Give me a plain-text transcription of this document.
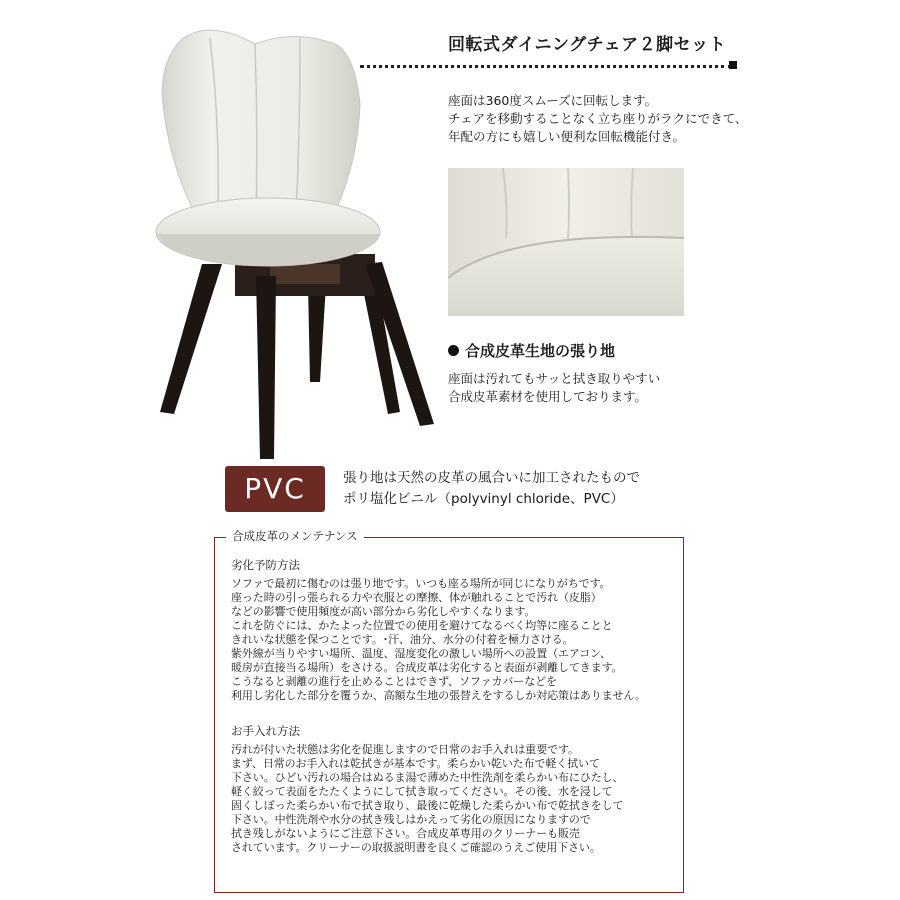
回転式ダイニングチェア２脚セット
座面は360度スムーズに回転します。
チェアを移動することなく立ち座りがラクにできて、
年配の方にも嬉しい便利な回転機能付き。
合成皮革生地の張り地
座面は汚れてもサッと拭き取りやすい
合成皮革素材を使用しております。
PVC	張り地は天然の皮革の風合いに加工されたもので
ポリ塩化ビニル（polyvinyl chloride、PVC）
合成皮革のメンテナンス
劣化予防方法
ソファで最初に傷むのは張り地です。いつも座る場所が同じになりがちです。
座った時の引っ張られる力や衣服との摩擦、体が触れることで汚れ（皮脂）
などの影響で使用頻度が高い部分から劣化しやすくなります。
これを防ぐには、かたよった位置での使用を避けてなるべく均等に座ることと
きれいな状態を保つことです。･汗、油分、水分の付着を極力さける。
紫外線が当りやすい場所、温度、湿度変化の激しい場所への設置（エアコン、
暖房が直接当る場所）をさける。合成皮革は劣化すると表面が剥離してきます。
こうなると剥離の進行を止めることはできず、ソファカバーなどを
利用し劣化した部分を覆うか、高額な生地の張替えをするしか対応策はありません。
お手入れ方法
汚れが付いた状態は劣化を促進しますので日常のお手入れは重要です。
まず、日常のお手入れは乾拭きが基本です。柔らかい乾いた布で軽く拭いて
下さい。ひどい汚れの場合はぬるま湯で薄めた中性洗剤を柔らかい布にひたし、
軽く絞って表面をたたくようにして拭き取ってください。その後、水を浸して
固くしぼった柔らかい布で拭き取り、最後に乾燥した柔らかい布で乾拭きをして
下さい。中性洗剤や水分の拭き残しはかえって劣化の原因になりますので
拭き残しがないようにご注意下さい。合成皮革専用のクリーナーも販売
されています。クリーナーの取扱説明書を良くご確認のうえご使用下さい。
